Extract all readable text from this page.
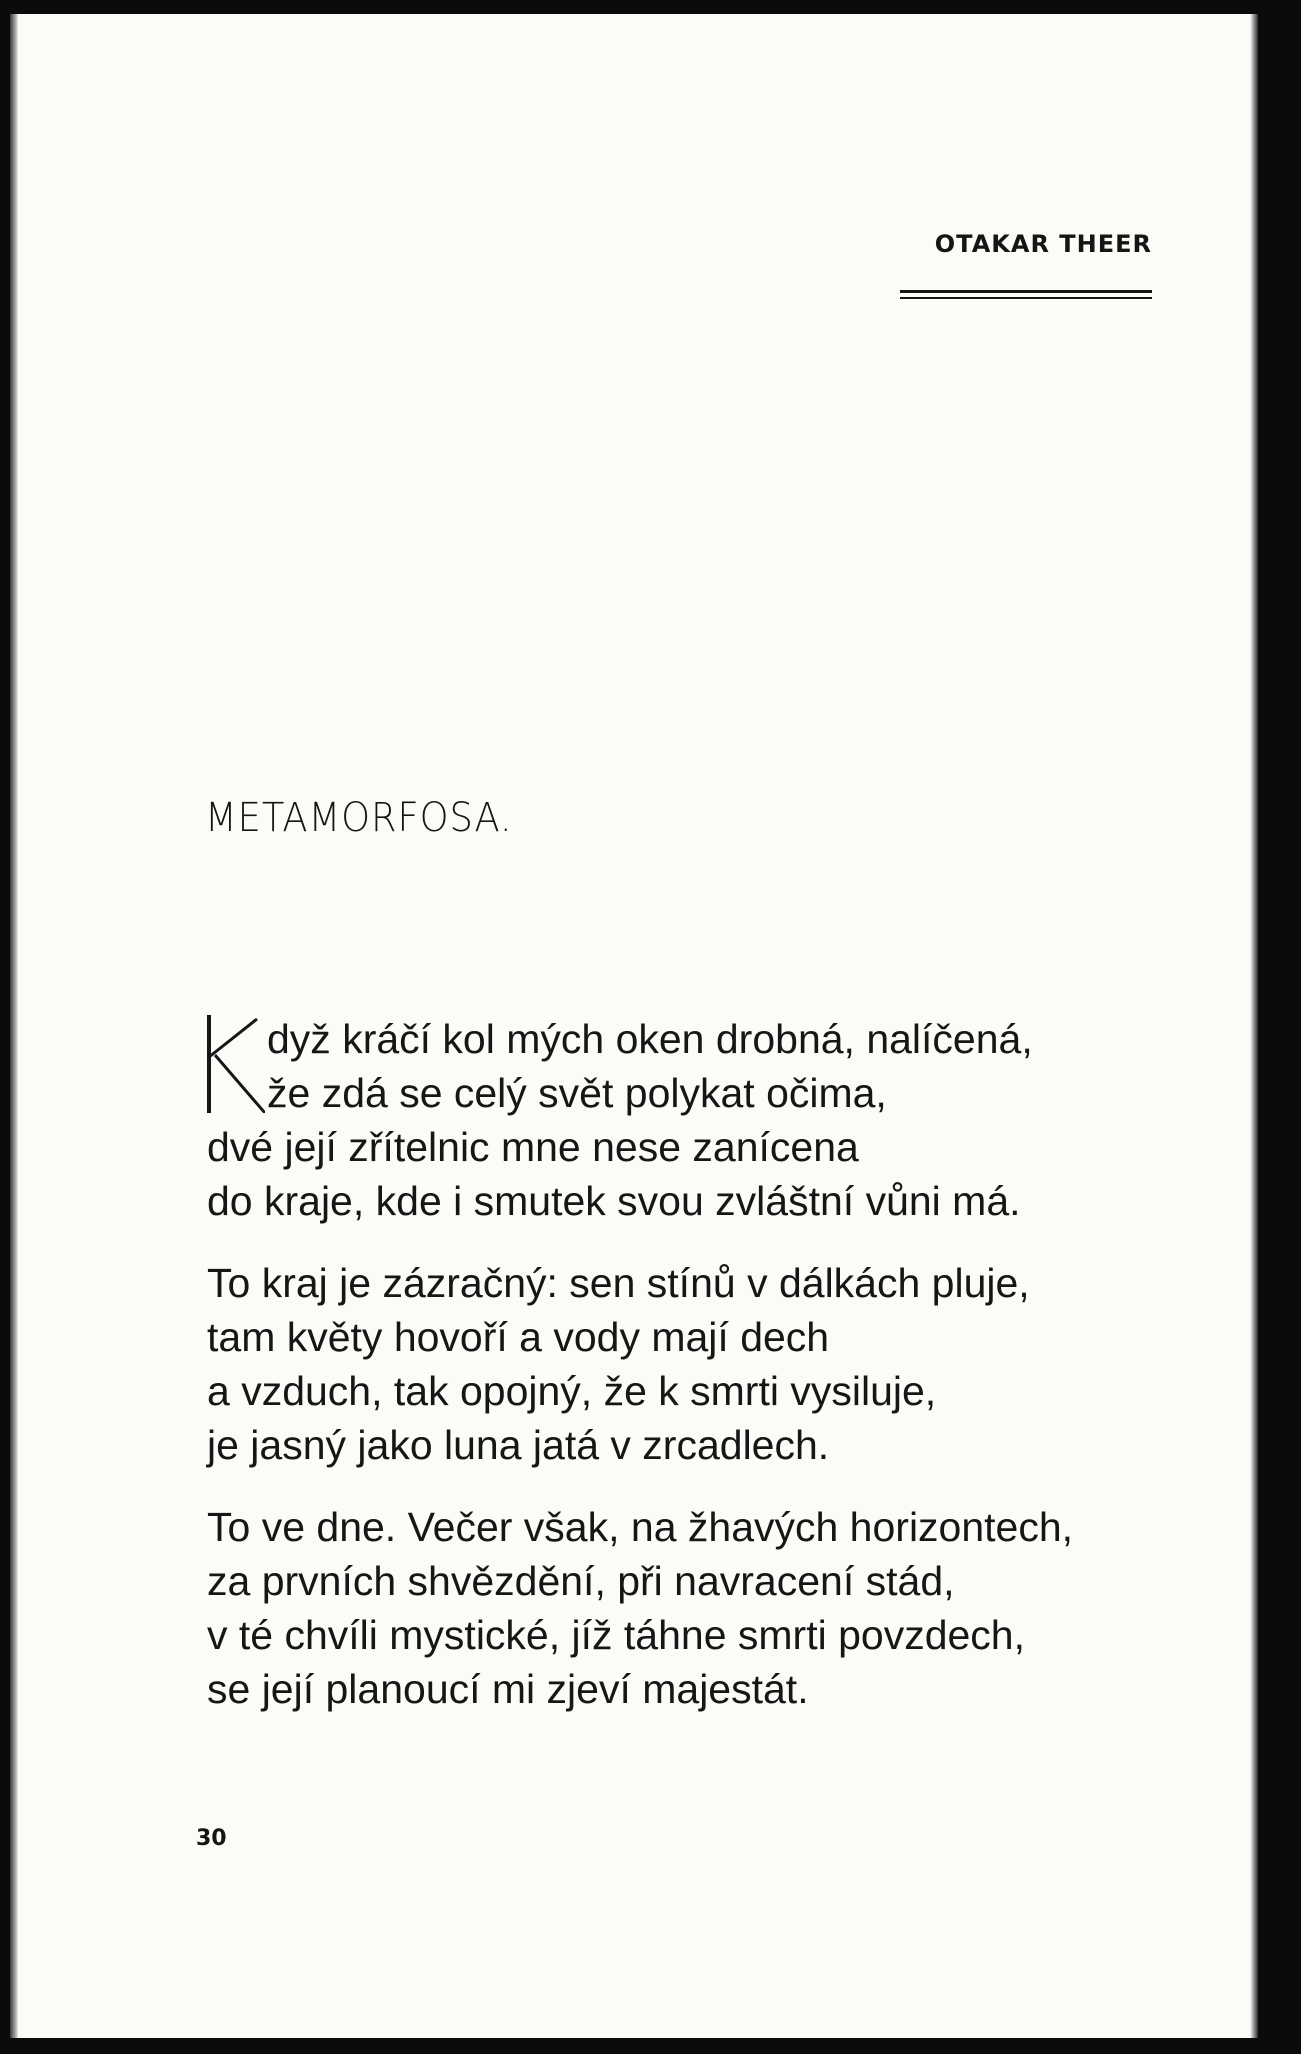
OTAKAR THEER
METAMORFOSA.
dyž kráčí kol mých oken drobná, nalíčená,
že zdá se celý svět polykat očima,
dvé její zřítelnic mne nese zanícena
do kraje, kde i smutek svou zvláštní vůni má.
To kraj je zázračný: sen stínů v dálkách pluje,
tam květy hovoří a vody mají dech
a vzduch, tak opojný, že k smrti vysiluje,
je jasný jako luna jatá v zrcadlech.
To ve dne. Večer však, na žhavých horizontech,
za prvních shvězdění, při navracení stád,
v té chvíli mystické, jíž táhne smrti povzdech,
se její planoucí mi zjeví majestát.
30
